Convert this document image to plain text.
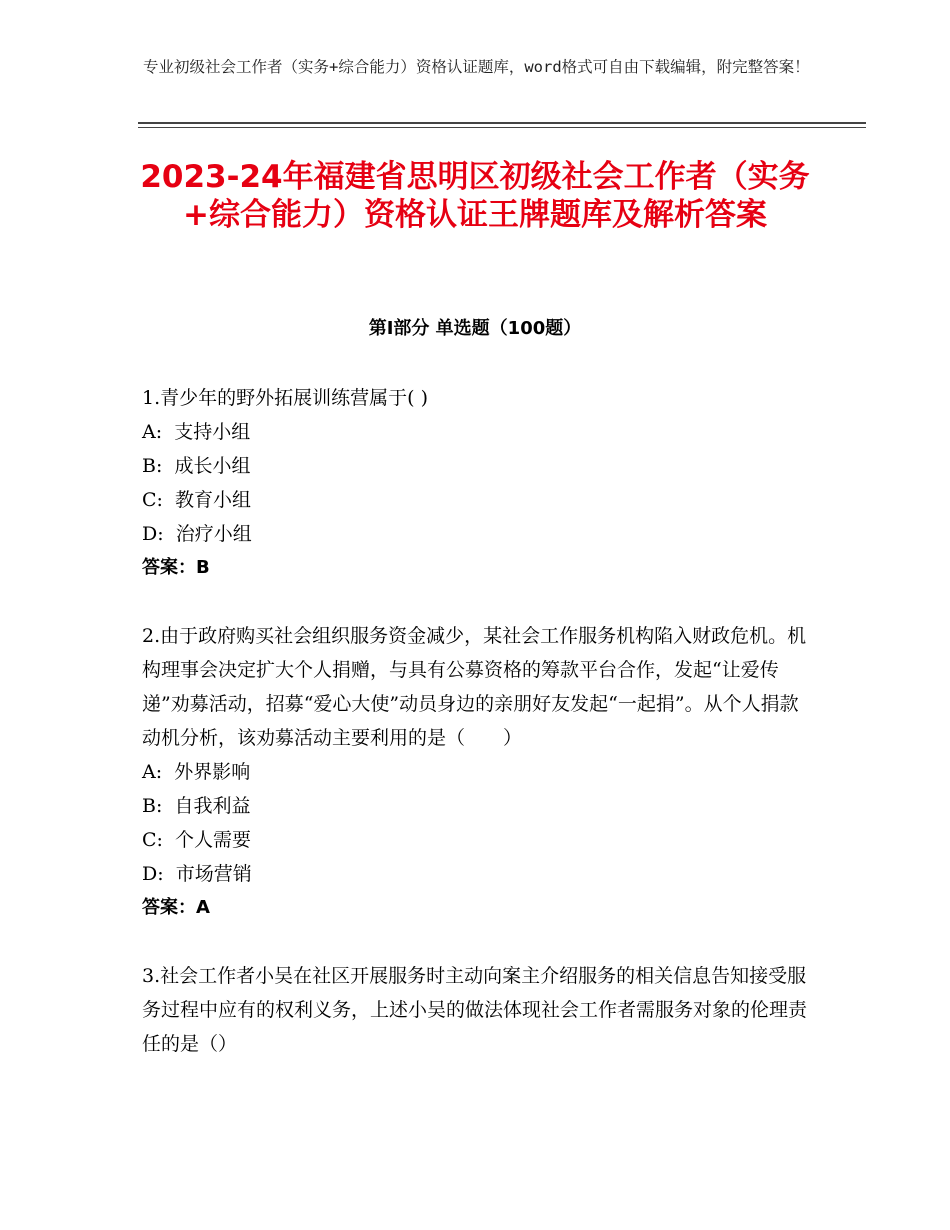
专业初级社会工作者（实务+综合能力）资格认证题库，word格式可自由下载编辑，附完整答案！
2023-24年福建省思明区初级社会工作者（实务+综合能力）资格认证王牌题库及解析答案
第Ⅰ部分 单选题（100题）

1.青少年的野外拓展训练营属于( )

A:  支持小组

B:  成长小组

C:  教育小组

D:  治疗小组

答案：B

2.由于政府购买社会组织服务资金减少，某社会工作服务机构陷入财政危机。机构理事会决定扩大个人捐赠，与具有公募资格的筹款平台合作，发起“让爱传递”劝募活动，招募“爱心大使”动员身边的亲朋好友发起“一起捐”。从个人捐款动机分析，该劝募活动主要利用的是（　　）

A:  外界影响

B:  自我利益

C:  个人需要

D:  市场营销

答案：A

3.社会工作者小吴在社区开展服务时主动向案主介绍服务的相关信息告知接受服务过程中应有的权利义务，上述小吴的做法体现社会工作者需服务对象的伦理责任的是（）
